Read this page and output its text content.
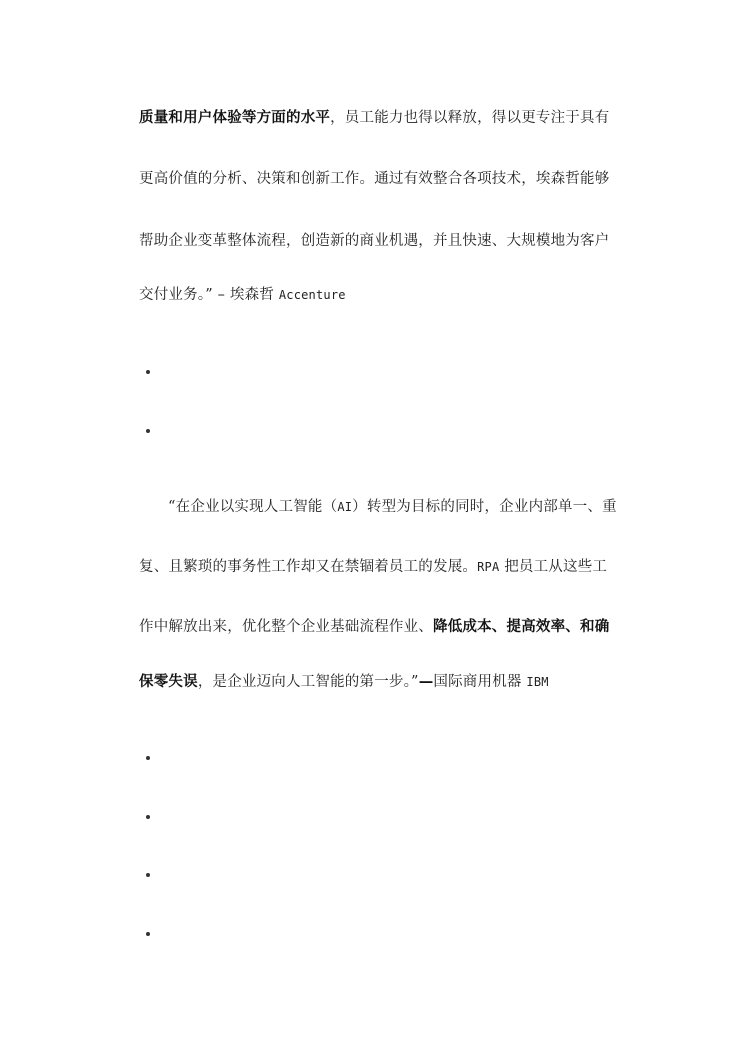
质量和用户体验等方面的水平，员工能力也得以释放，得以更专注于具有
更高价值的分析、决策和创新工作。通过有效整合各项技术，埃森哲能够
帮助企业变革整体流程，创造新的商业机遇，并且快速、大规模地为客户
交付业务。” – 埃森哲 Accenture
“在企业以实现人工智能（AI）转型为目标的同时，企业内部单一、重
复、且繁琐的事务性工作却又在禁锢着员工的发展。RPA 把员工从这些工
作中解放出来，优化整个企业基础流程作业、降低成本、提高效率、和确
保零失误，是企业迈向人工智能的第一步。”—国际商用机器 IBM
